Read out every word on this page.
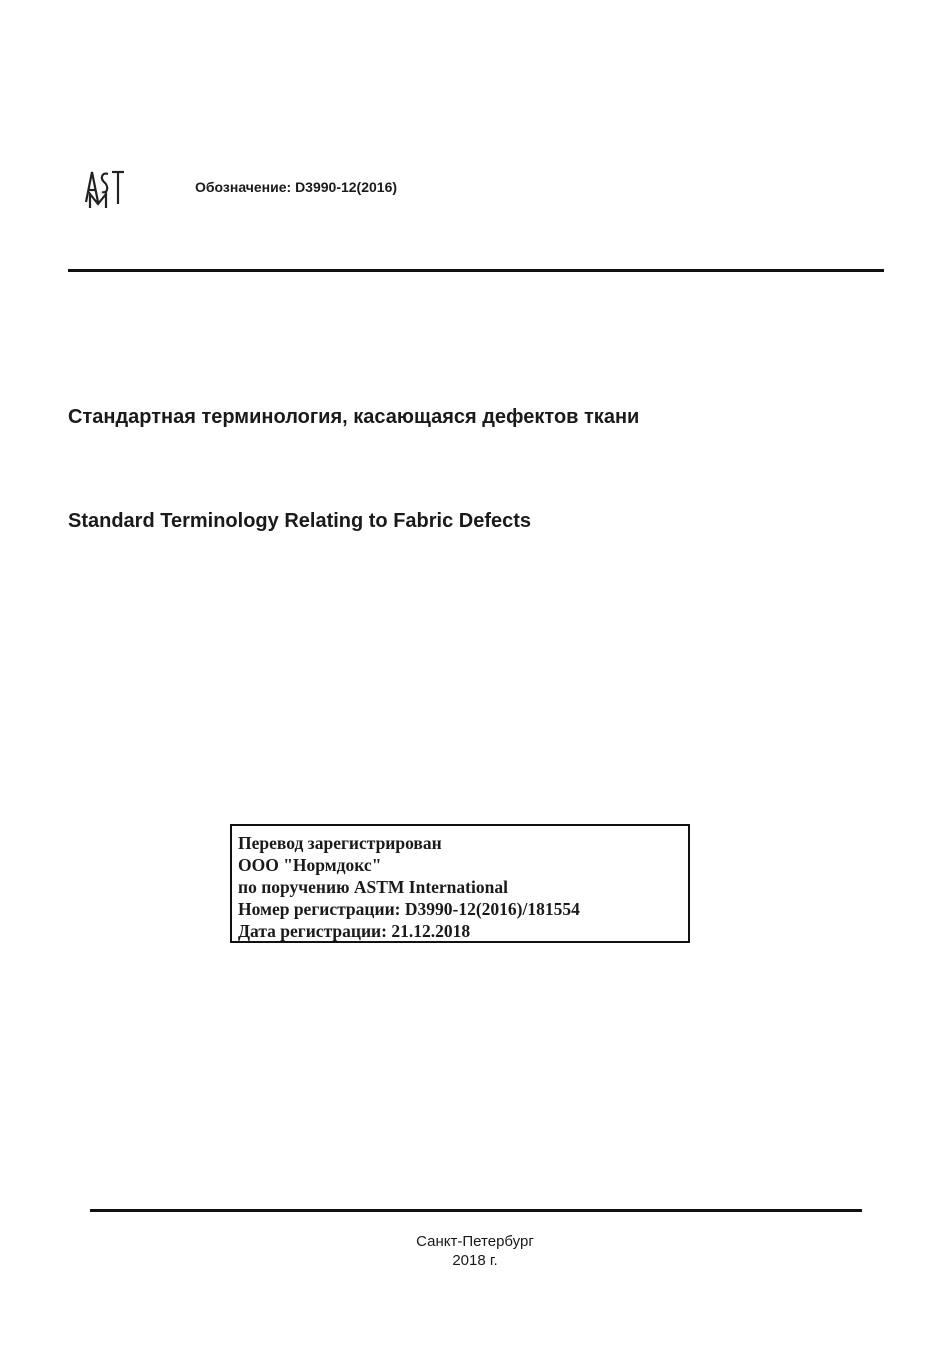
Обозначение: D3990-12(2016)
Стандартная терминология, касающаяся дефектов ткани
Standard Terminology Relating to Fabric Defects
Перевод зарегистрирован
ООО "Нормдокс"
по поручению ASTM International
Номер регистрации: D3990-12(2016)/181554
Дата регистрации: 21.12.2018
Санкт-Петербург
2018 г.
